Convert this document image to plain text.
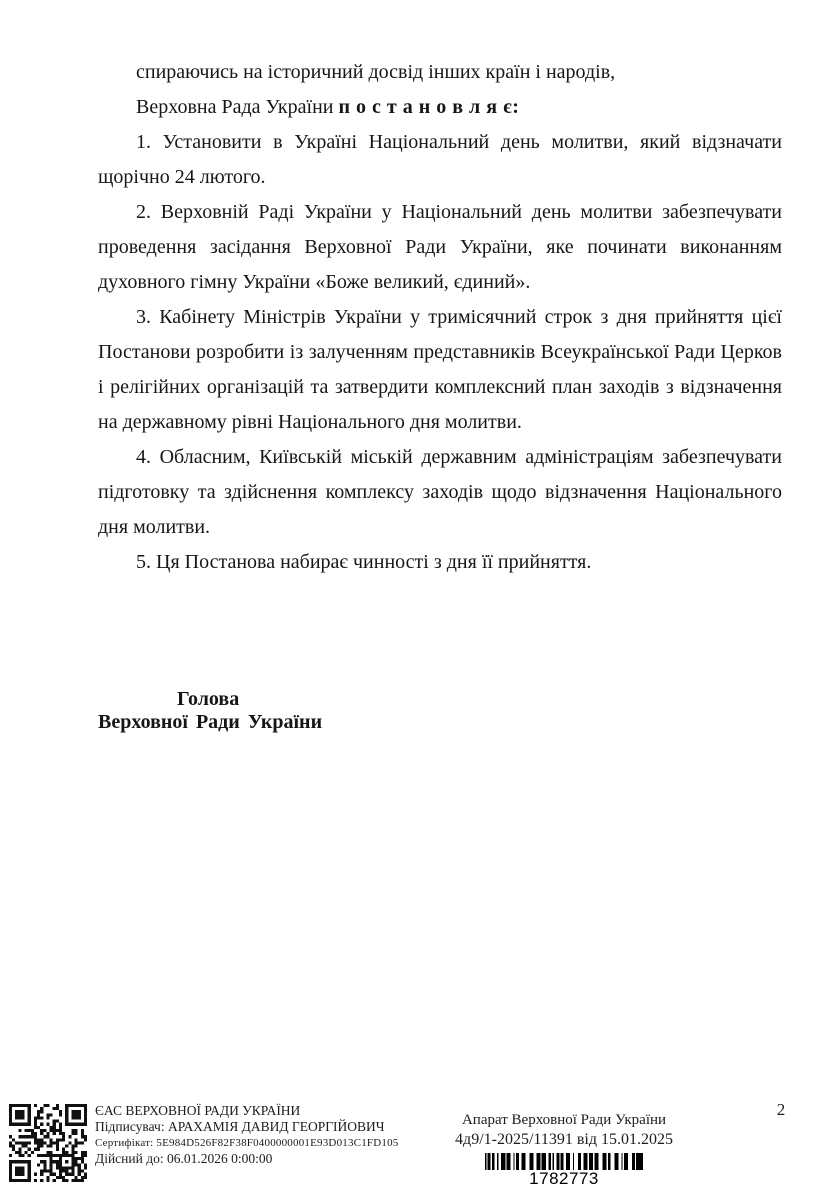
спираючись на історичний досвід інших країн і народів,

Верховна Рада України п о с т а н о в л я є:

1. Установити в Україні Національний день молитви, який відзначати щорічно 24 лютого.

2. Верховній Раді України у Національний день молитви забезпечувати проведення засідання Верховної Ради України, яке починати виконанням духовного гімну України «Боже великий, єдиний».

3. Кабінету Міністрів України у тримісячний строк з дня прийняття цієї Постанови розробити із залученням представників Всеукраїнської Ради Церков і релігійних організацій та затвердити комплексний план заходів з відзначення на державному рівні Національного дня молитви.

4. Обласним, Київській міській державним адміністраціям забезпечувати підготовку та здійснення комплексу заходів щодо відзначення Національного дня молитви.

5. Ця Постанова набирає чинності з дня її прийняття.

Голова
Верховної Ради України
ЄАС ВЕРХОВНОЇ РАДИ УКРАЇНИ
Підписувач: АРАХАМІЯ ДАВИД ГЕОРГІЙОВИЧ
Сертифікат: 5E984D526F82F38F0400000001E93D013C1FD105
Дійсний до: 06.01.2026 0:00:00
Апарат Верховної Ради України
4д9/1-2025/11391 від 15.01.2025
1782773
2
